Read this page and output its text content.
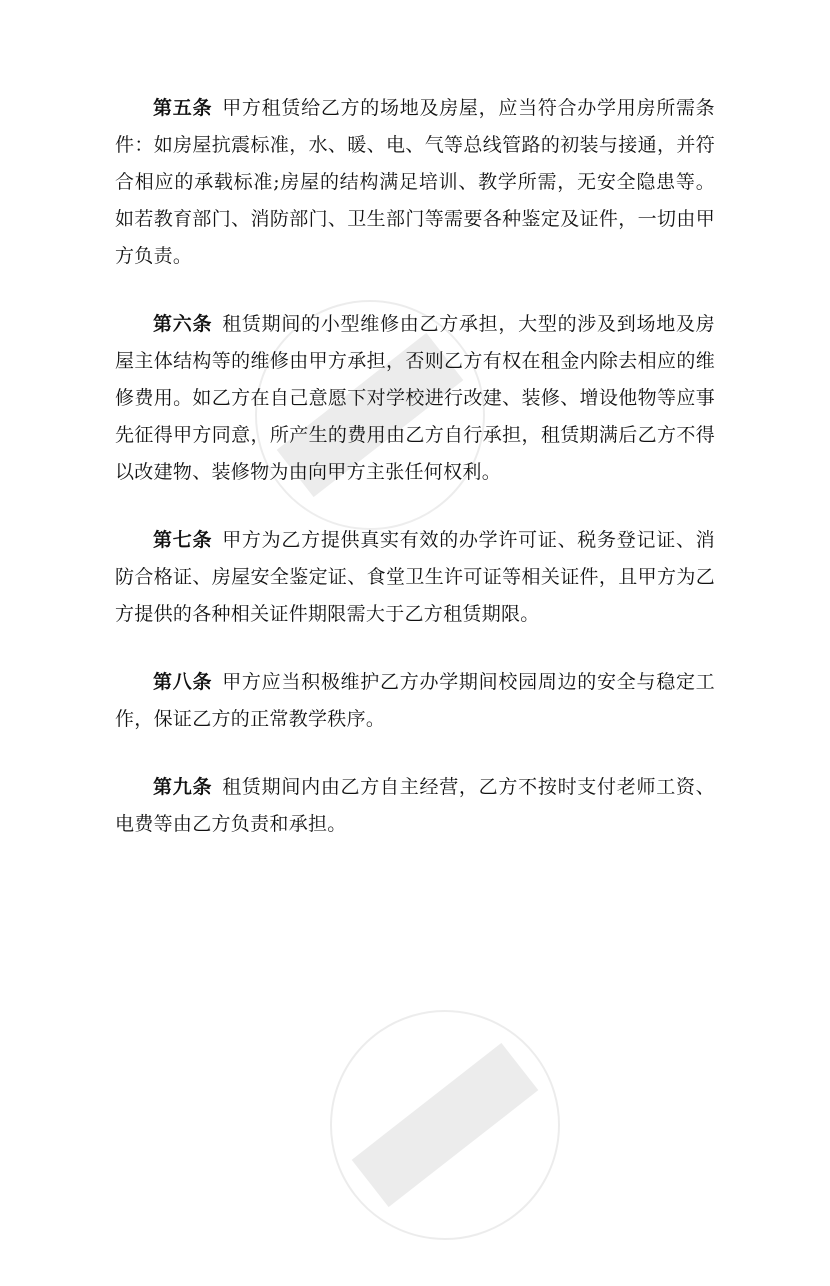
第五条 甲方租赁给乙方的场地及房屋，应当符合办学用房所需条件：如房屋抗震标准，水、暖、电、气等总线管路的初装与接通，并符合相应的承载标准;房屋的结构满足培训、教学所需，无安全隐患等。如若教育部门、消防部门、卫生部门等需要各种鉴定及证件，一切由甲方负责。

第六条 租赁期间的小型维修由乙方承担，大型的涉及到场地及房屋主体结构等的维修由甲方承担，否则乙方有权在租金内除去相应的维修费用。如乙方在自己意愿下对学校进行改建、装修、增设他物等应事先征得甲方同意，所产生的费用由乙方自行承担，租赁期满后乙方不得以改建物、装修物为由向甲方主张任何权利。

第七条 甲方为乙方提供真实有效的办学许可证、税务登记证、消防合格证、房屋安全鉴定证、食堂卫生许可证等相关证件，且甲方为乙方提供的各种相关证件期限需大于乙方租赁期限。

第八条 甲方应当积极维护乙方办学期间校园周边的安全与稳定工作，保证乙方的正常教学秩序。

第九条 租赁期间内由乙方自主经营，乙方不按时支付老师工资、电费等由乙方负责和承担。
